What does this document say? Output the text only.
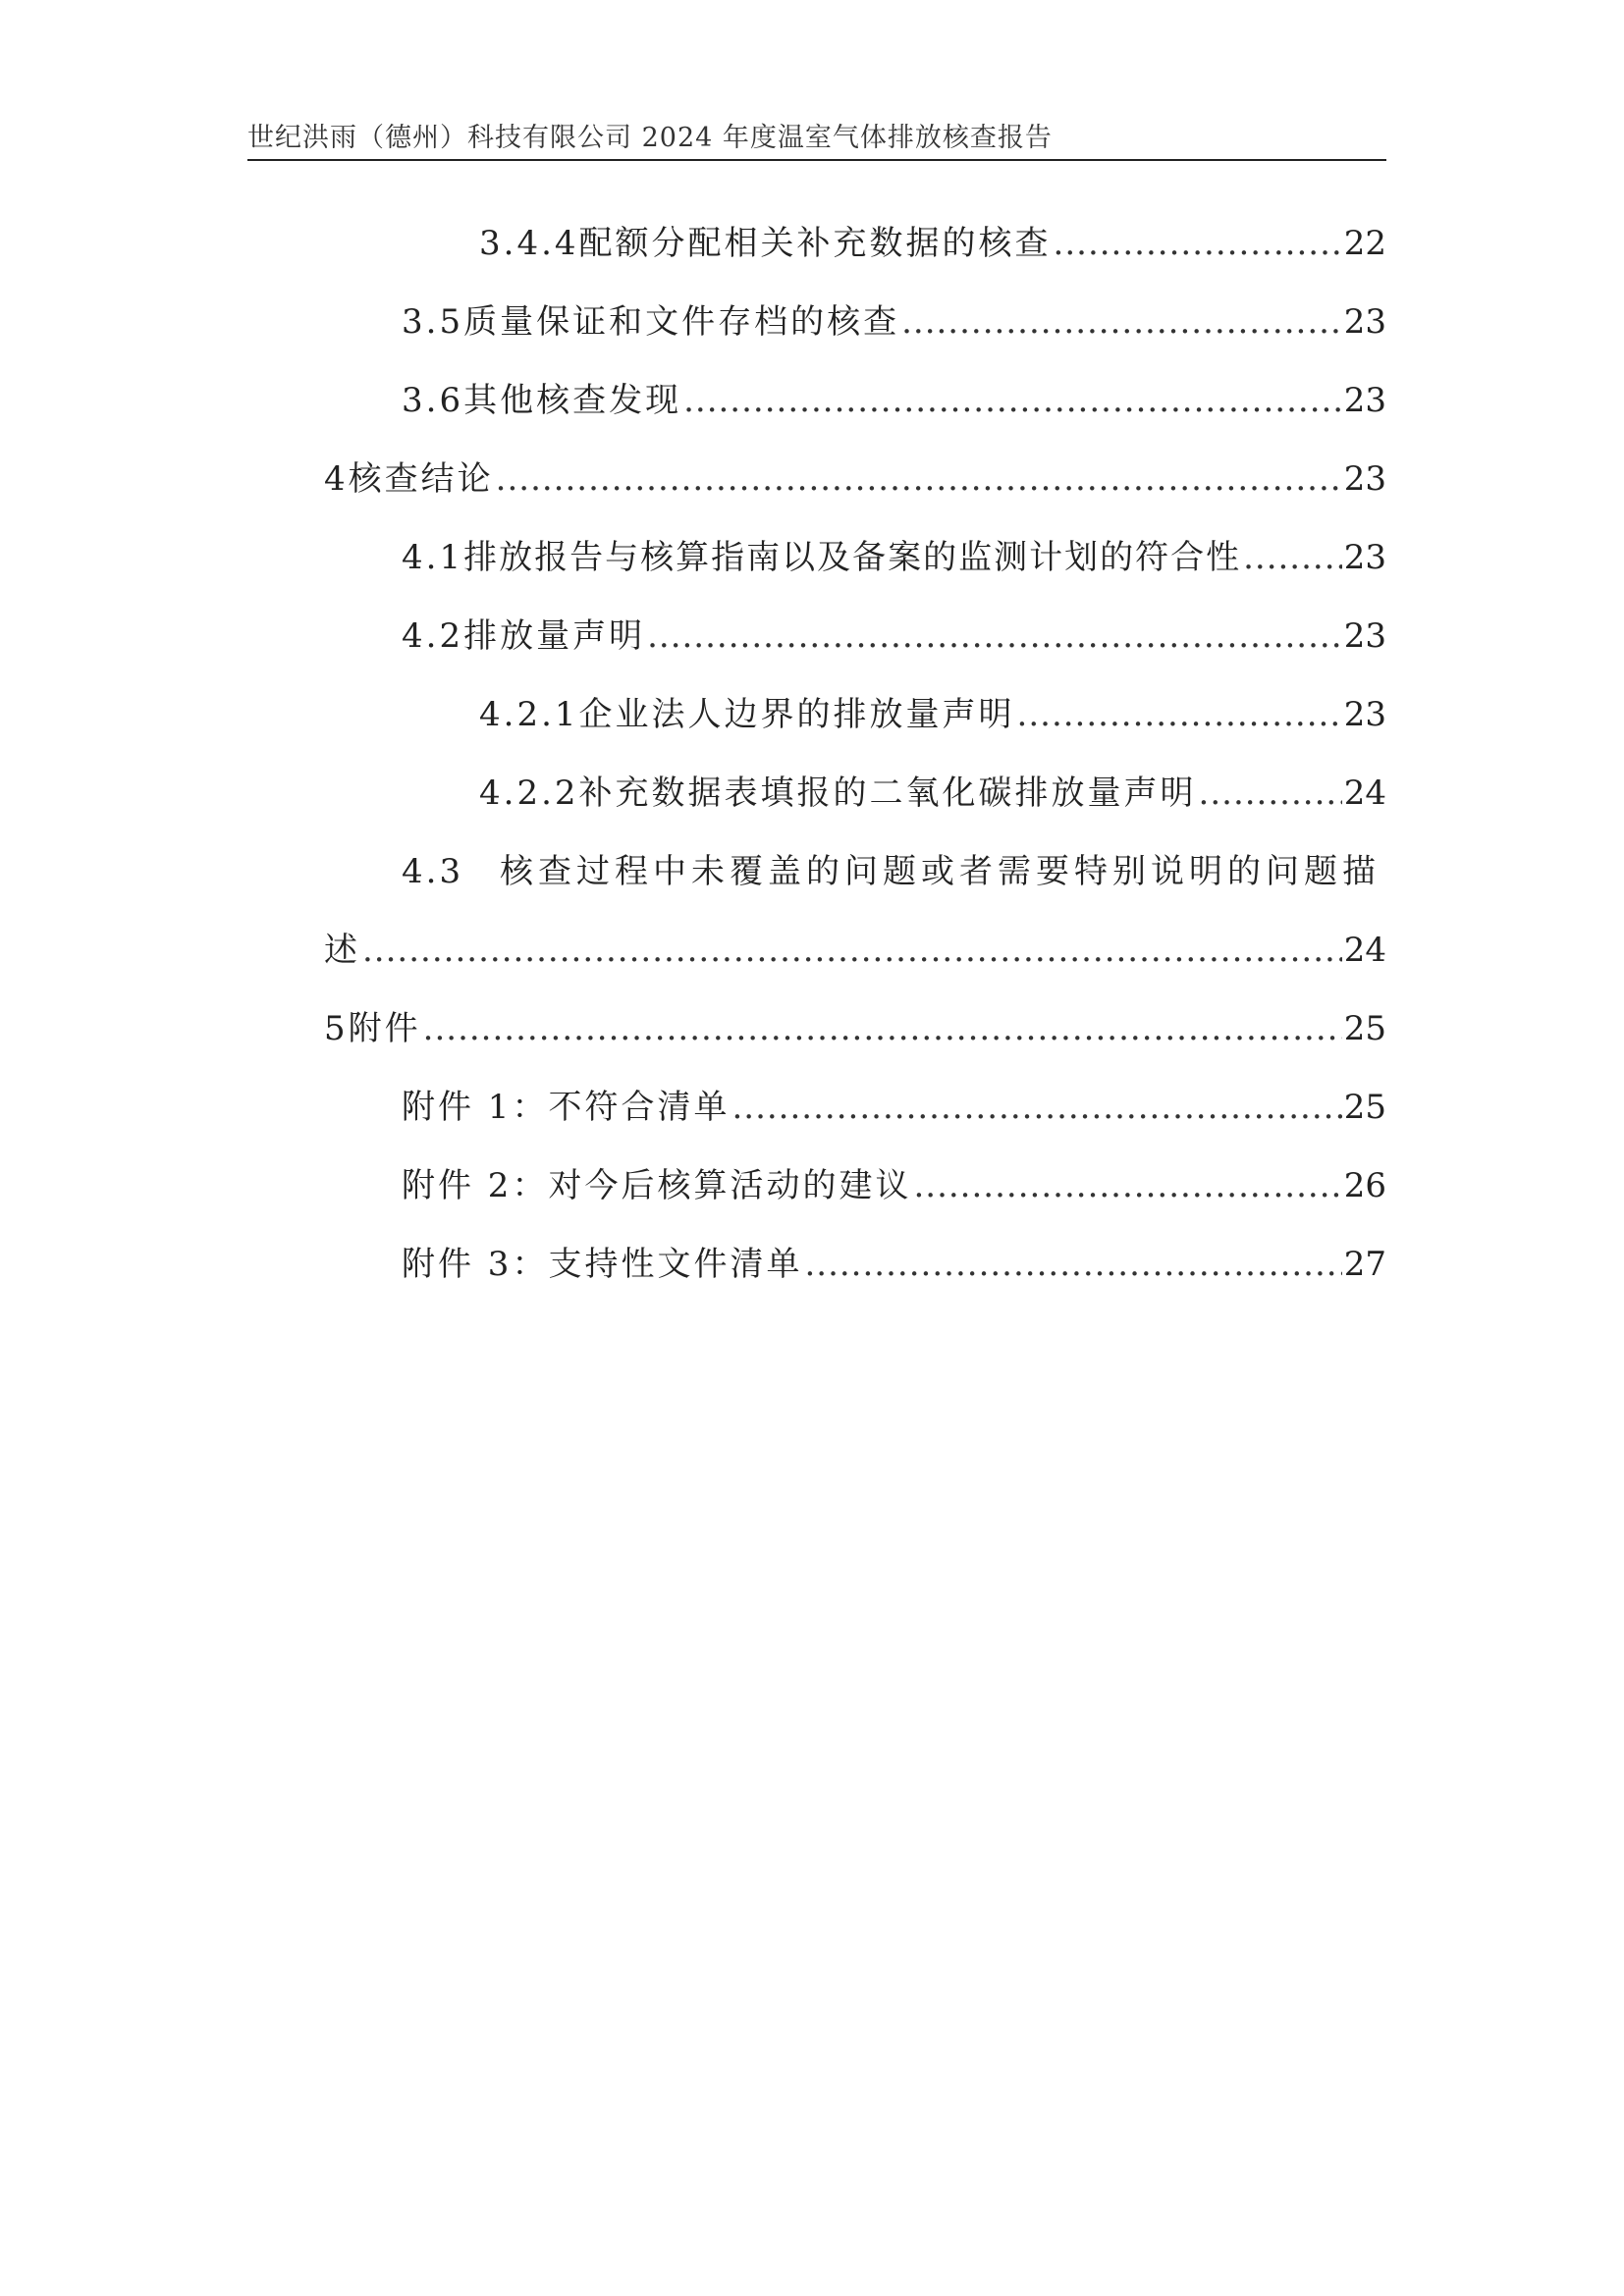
世纪洪雨（德州）科技有限公司 2024 年度温室气体排放核查报告
3.4.4 配额分配相关补充数据的核查 .....	22
3.5 质量保证和文件存档的核查 .....	23
3.6 其他核查发现 .....	23
4 核查结论 .....	23
4.1 排放报告与核算指南以及备案的监测计划的符合性 .....	23
4.2 排放量声明 .....	23
4.2.1 企业法人边界的排放量声明 .....	23
4.2.2 补充数据表填报的二氧化碳排放量声明 .....	24
4.3	核查过程中未覆盖的问题或者需要特别说明的问题描
述 .....	24
5 附件 .....	25
附件 1：不符合清单 .....	25
附件 2：对今后核算活动的建议 .....	26
附件 3：支持性文件清单 .....	27
